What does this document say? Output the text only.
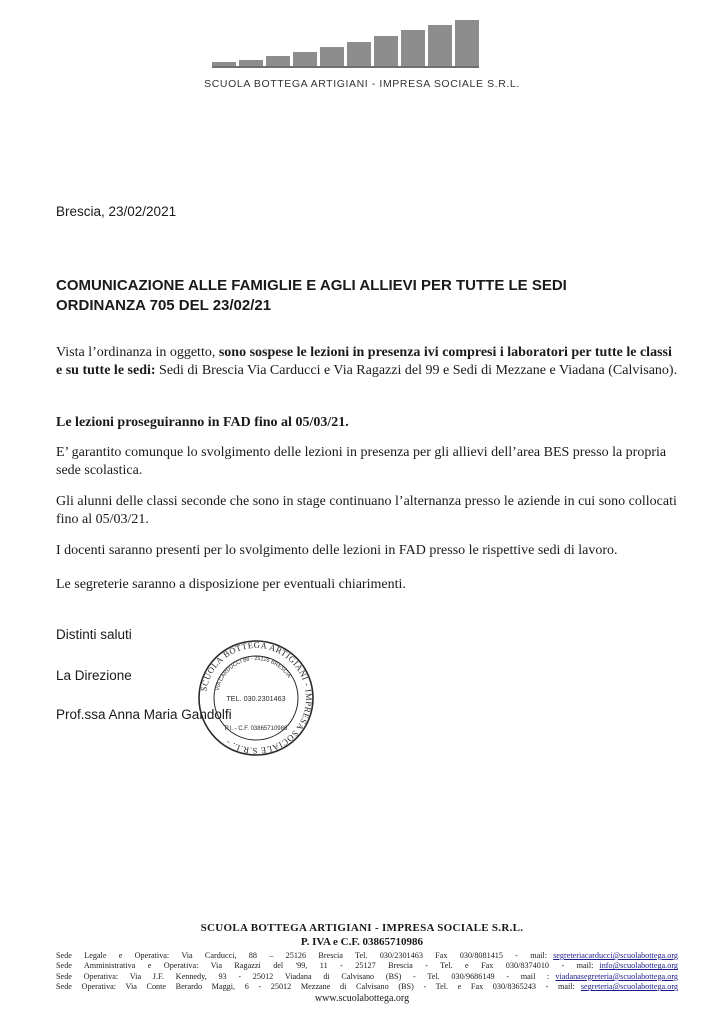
SCUOLA BOTTEGA ARTIGIANI - IMPRESA SOCIALE S.R.L.
Brescia, 23/02/2021
COMUNICAZIONE ALLE FAMIGLIE E AGLI ALLIEVI PER TUTTE LE SEDI
ORDINANZA 705 DEL 23/02/21
Vista l’ordinanza in oggetto, sono sospese le lezioni in presenza ivi compresi i laboratori per tutte le classi e su tutte le sedi: Sedi di Brescia Via Carducci e Via Ragazzi del 99 e Sedi di Mezzane e Viadana (Calvisano).
Le lezioni proseguiranno in FAD fino al 05/03/21.
E’ garantito comunque lo svolgimento delle lezioni in presenza per gli allievi dell’area BES presso la propria sede scolastica.
Gli alunni delle classi seconde che sono in stage continuano l’alternanza presso le aziende in cui sono collocati fino al 05/03/21.
I docenti saranno presenti per lo svolgimento delle lezioni in FAD presso le rispettive sedi di lavoro.
Le segreterie saranno a disposizione per eventuali chiarimenti.
Distinti saluti
La Direzione
Prof.ssa Anna Maria Gandolfi
SCUOLA BOTTEGA ARTIGIANI - IMPRESA SOCIALE S.R.L. -
VIA CARDUCCI 88 - 25126 BRESCIA
TEL. 030.2301463
P.I. - C.F. 03865710986
SCUOLA BOTTEGA ARTIGIANI - IMPRESA SOCIALE S.R.L.
P. IVA e C.F. 03865710986
Sede Legale e Operativa: Via Carducci, 88 – 25126 Brescia Tel. 030/2301463 Fax 030/8081415 - mail: segreteriacarducci@scuolabottega.org
Sede Amministrativa e Operativa: Via Ragazzi del '99, 11 - 25127 Brescia - Tel. e Fax 030/8374010 - mail: info@scuolabottega.org
Sede Operativa: Via J.F. Kennedy, 93 - 25012 Viadana di Calvisano (BS) - Tel. 030/9686149 - mail : viadanasegreteria@scuolabottega.org
Sede Operativa: Via Conte Berardo Maggi, 6 - 25012 Mezzane di Calvisano (BS) - Tel. e Fax 030/8365243 - mail: segreteria@scuolabottega.org
www.scuolabottega.org
